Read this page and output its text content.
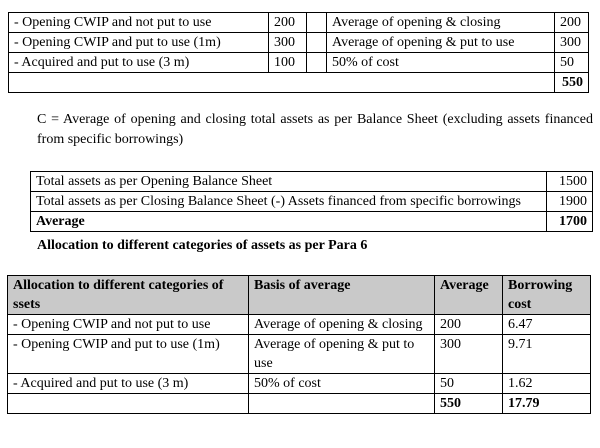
- Opening CWIP and not put to use	200		Average of opening & closing	200
- Opening CWIP and put to use (1m)	300		Average of opening & put to use	300
- Acquired and put to use (3 m)	100		50% of cost	50
				550
C = Average of opening and closing total assets as per Balance Sheet (excluding assets financed from specific borrowings)
Total assets as per Opening Balance Sheet	1500
Total assets as per Closing Balance Sheet (-) Assets financed from specific borrowings	1900
Average	1700
Allocation to different categories of assets as per Para 6
Allocation to different categories of ssets	Basis of average	Average	Borrowing cost
- Opening CWIP and not put to use	Average of opening & closing	200	6.47
- Opening CWIP and put to use (1m)	Average of opening & put to use	300	9.71
- Acquired and put to use (3 m)	50% of cost	50	1.62
		550	17.79
